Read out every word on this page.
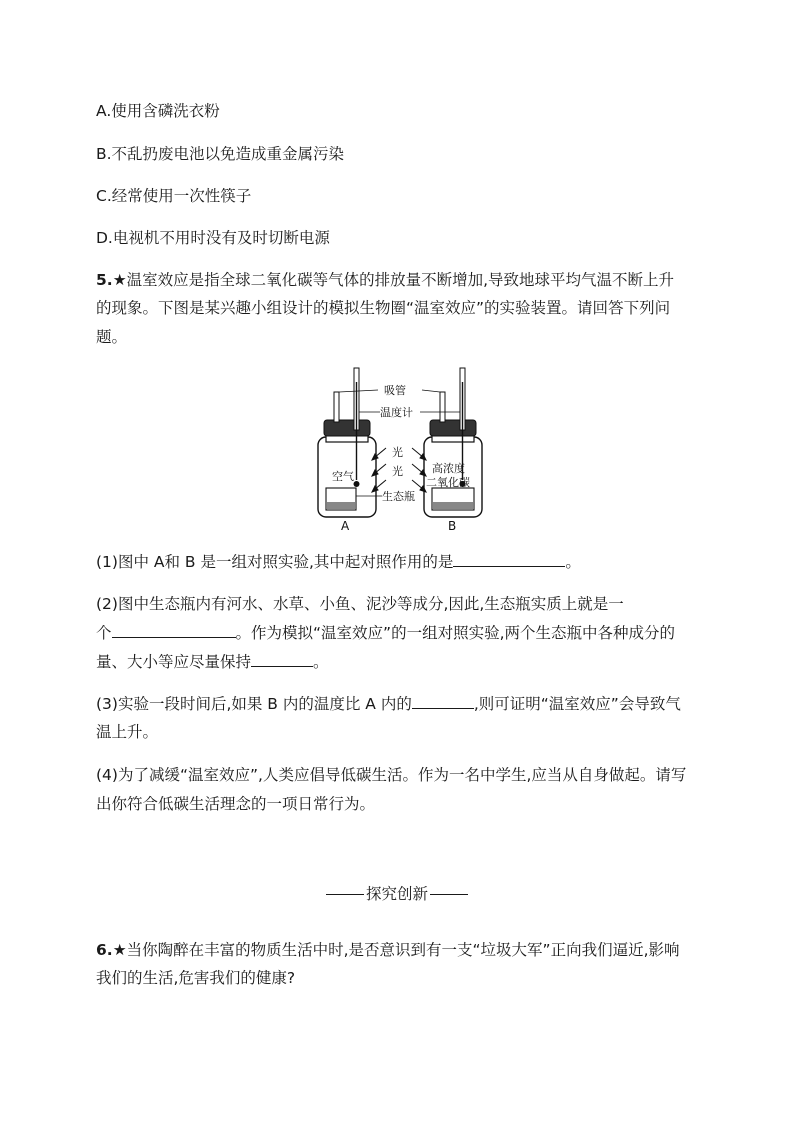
A.使用含磷洗衣粉
B.不乱扔废电池以免造成重金属污染
C.经常使用一次性筷子
D.电视机不用时没有及时切断电源
5.★温室效应是指全球二氧化碳等气体的排放量不断增加,导致地球平均气温不断上升
的现象。下图是某兴趣小组设计的模拟生物圈“温室效应”的实验装置。请回答下列问
题。
吸管
温度计
光
光
空气
高浓度
二氧化碳
生态瓶
A	B
(1)图中 A和 B 是一组对照实验,其中起对照作用的是	。
(2)图中生态瓶内有河水、水草、小鱼、泥沙等成分,因此,生态瓶实质上就是一
个	。作为模拟“温室效应”的一组对照实验,两个生态瓶中各种成分的
量、大小等应尽量保持	。
(3)实验一段时间后,如果 B 内的温度比 A 内的	,则可证明“温室效应”会导致气
温上升。
(4)为了减缓“温室效应”,人类应倡导低碳生活。作为一名中学生,应当从自身做起。请写
出你符合低碳生活理念的一项日常行为。
探究创新
6.★当你陶醉在丰富的物质生活中时,是否意识到有一支“垃圾大军”正向我们逼近,影响
我们的生活,危害我们的健康?
